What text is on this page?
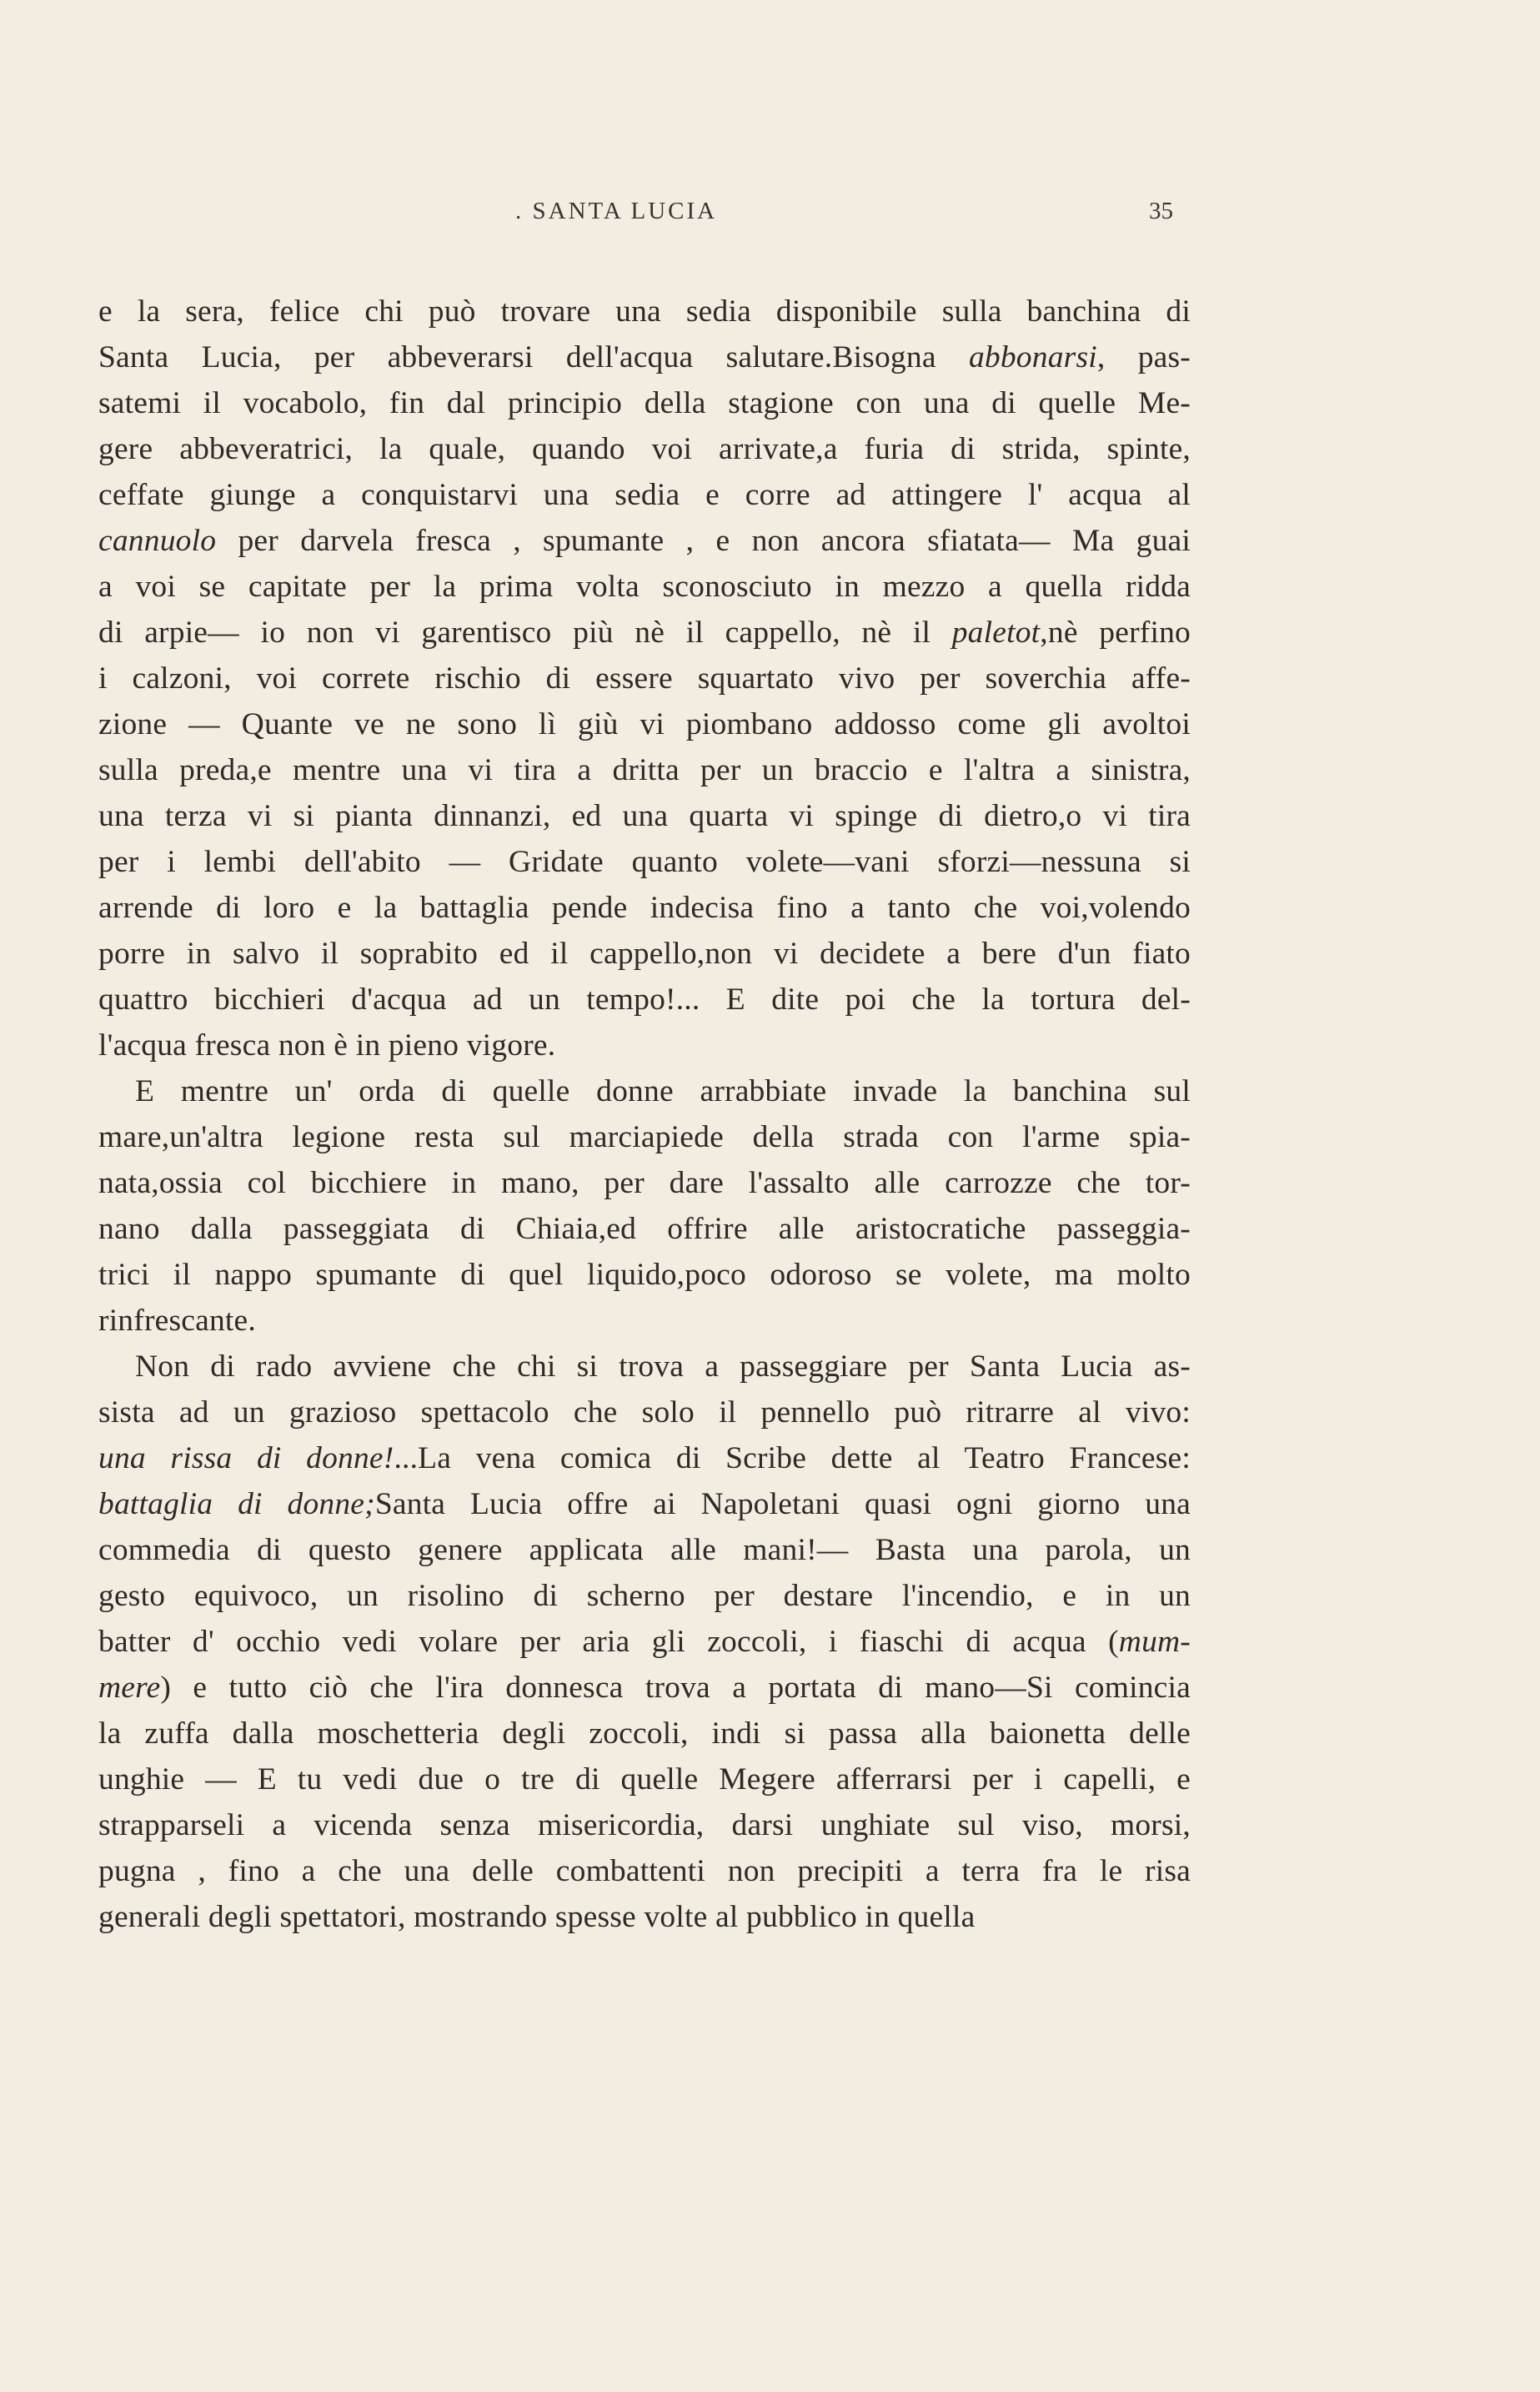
. SANTA LUCIA	35
e la sera, felice chi può trovare una sedia disponibile sulla banchina di
Santa Lucia, per abbeverarsi dell'acqua salutare.Bisogna abbonarsi, pas-
satemi il vocabolo, fin dal principio della stagione con una di quelle Me-
gere abbeveratrici, la quale, quando voi arrivate,a furia di strida, spinte,
ceffate giunge a conquistarvi una sedia e corre ad attingere l' acqua al
cannuolo per darvela fresca , spumante , e non ancora sfiatata— Ma guai
a voi se capitate per la prima volta sconosciuto in mezzo a quella ridda
di arpie— io non vi garentisco più nè il cappello, nè il paletot,nè perfino
i calzoni, voi correte rischio di essere squartato vivo per soverchia affe-
zione — Quante ve ne sono lì giù vi piombano addosso come gli avoltoi
sulla preda,e mentre una vi tira a dritta per un braccio e l'altra a sinistra,
una terza vi si pianta dinnanzi, ed una quarta vi spinge di dietro,o vi tira
per i lembi dell'abito — Gridate quanto volete—vani sforzi—nessuna si
arrende di loro e la battaglia pende indecisa fino a tanto che voi,volendo
porre in salvo il soprabito ed il cappello,non vi decidete a bere d'un fiato
quattro bicchieri d'acqua ad un tempo!... E dite poi che la tortura del-
l'acqua fresca non è in pieno vigore.
E mentre un' orda di quelle donne arrabbiate invade la banchina sul
mare,un'altra legione resta sul marciapiede della strada con l'arme spia-
nata,ossia col bicchiere in mano, per dare l'assalto alle carrozze che tor-
nano dalla passeggiata di Chiaia,ed offrire alle aristocratiche passeggia-
trici il nappo spumante di quel liquido,poco odoroso se volete, ma molto
rinfrescante.
Non di rado avviene che chi si trova a passeggiare per Santa Lucia as-
sista ad un grazioso spettacolo che solo il pennello può ritrarre al vivo:
una rissa di donne!...La vena comica di Scribe dette al Teatro Francese:
battaglia di donne;Santa Lucia offre ai Napoletani quasi ogni giorno una
commedia di questo genere applicata alle mani!— Basta una parola, un
gesto equivoco, un risolino di scherno per destare l'incendio, e in un
batter d' occhio vedi volare per aria gli zoccoli, i fiaschi di acqua (mum-
mere) e tutto ciò che l'ira donnesca trova a portata di mano—Si comincia
la zuffa dalla moschetteria degli zoccoli, indi si passa alla baionetta delle
unghie — E tu vedi due o tre di quelle Megere afferrarsi per i capelli, e
strapparseli a vicenda senza misericordia, darsi unghiate sul viso, morsi,
pugna , fino a che una delle combattenti non precipiti a terra fra le risa
generali degli spettatori, mostrando spesse volte al pubblico in quella
